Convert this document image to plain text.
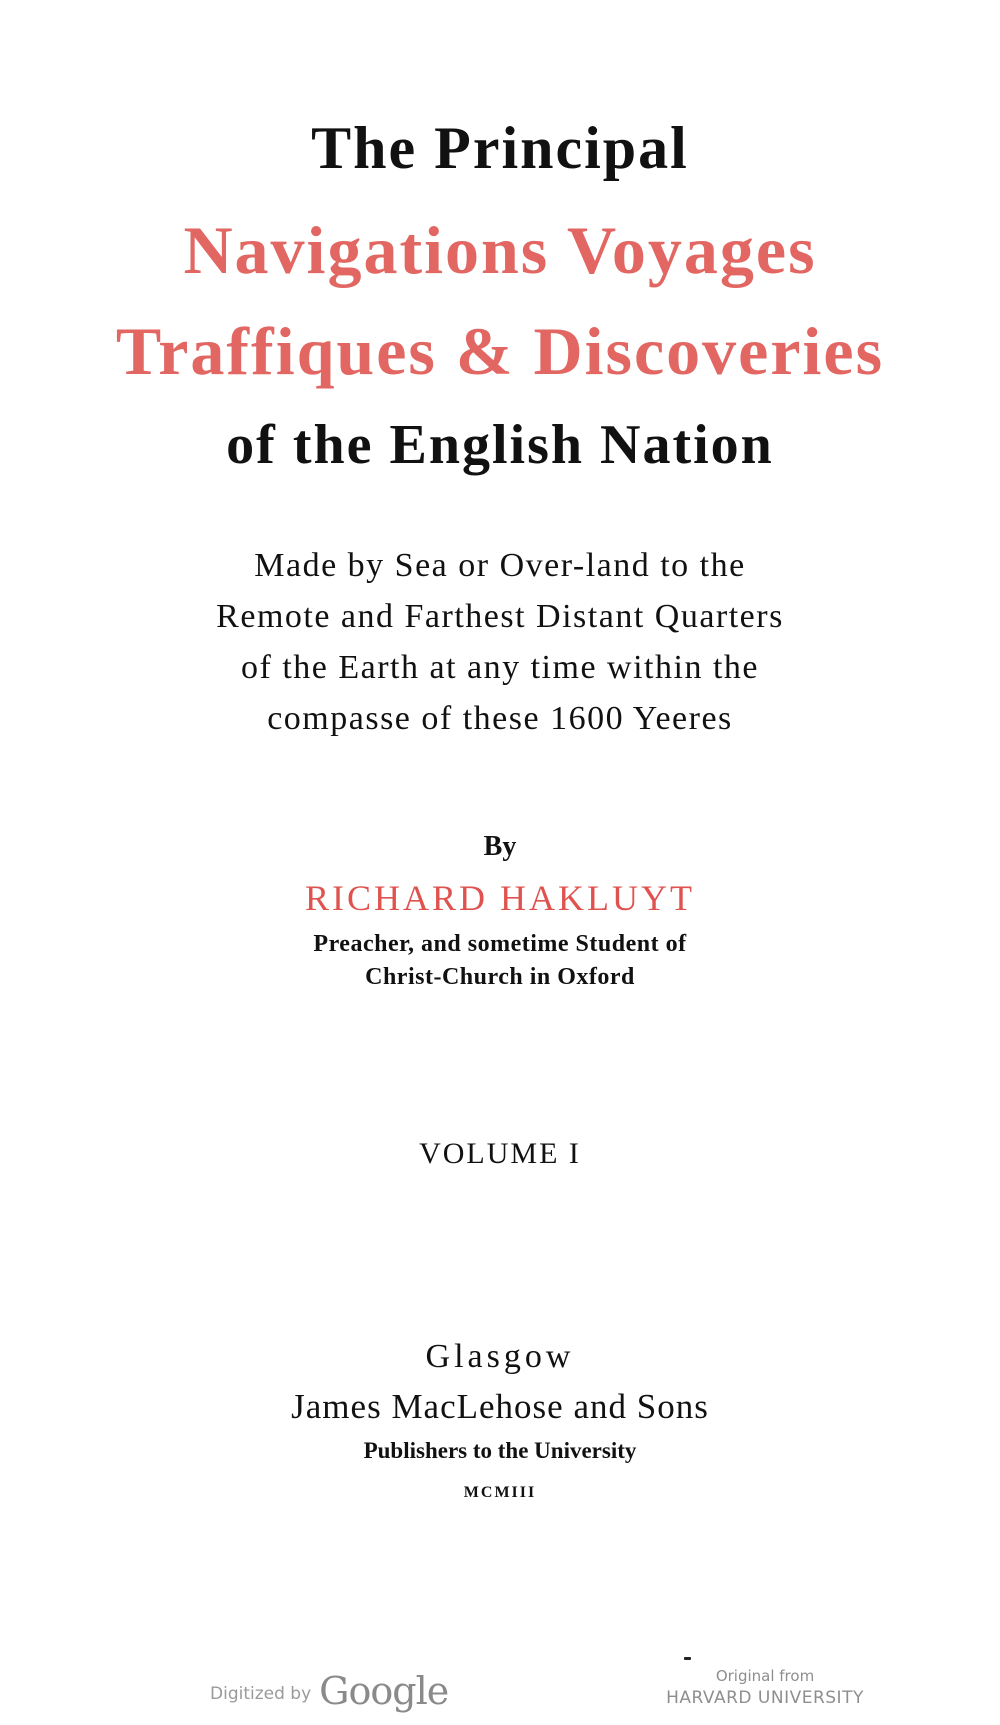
The Principal
Navigations Voyages
Traffiques & Discoveries
of the English Nation

Made by Sea or Over-land to the

Remote and Farthest Distant Quarters

of the Earth at any time within the

compasse of these 1600 Yeeres

By

RICHARD HAKLUYT

Preacher, and sometime Student of

Christ-Church in Oxford

VOLUME I

Glasgow

James MacLehose and Sons

Publishers to the University

MCMIII

Digitized by Google	Original from
HARVARD UNIVERSITY
